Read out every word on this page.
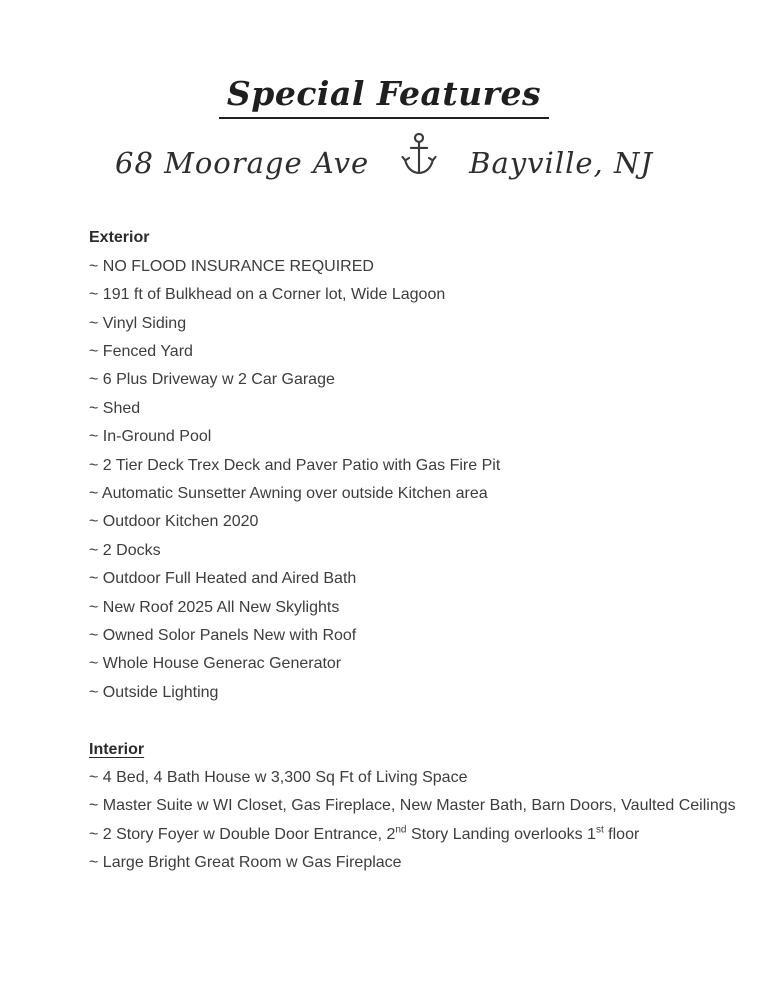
Special Features
68 Moorage Ave	Bayville, NJ
Exterior
~ NO FLOOD INSURANCE REQUIRED
~ 191 ft of Bulkhead on a Corner lot, Wide Lagoon
~ Vinyl Siding
~ Fenced Yard
~ 6 Plus Driveway w 2 Car Garage
~ Shed
~ In-Ground Pool
~ 2 Tier Deck Trex Deck and Paver Patio with Gas Fire Pit
~ Automatic Sunsetter Awning over outside Kitchen area
~ Outdoor Kitchen 2020
~ 2 Docks
~ Outdoor Full Heated and Aired Bath
~ New Roof 2025 All New Skylights
~ Owned Solor Panels New with Roof
~ Whole House Generac Generator
~ Outside Lighting
Interior
~ 4 Bed, 4 Bath House w 3,300 Sq Ft of Living Space
~ Master Suite w WI Closet, Gas Fireplace, New Master Bath, Barn Doors, Vaulted Ceilings
~ 2 Story Foyer w Double Door Entrance, 2nd Story Landing overlooks 1st floor
~ Large Bright Great Room w Gas Fireplace
